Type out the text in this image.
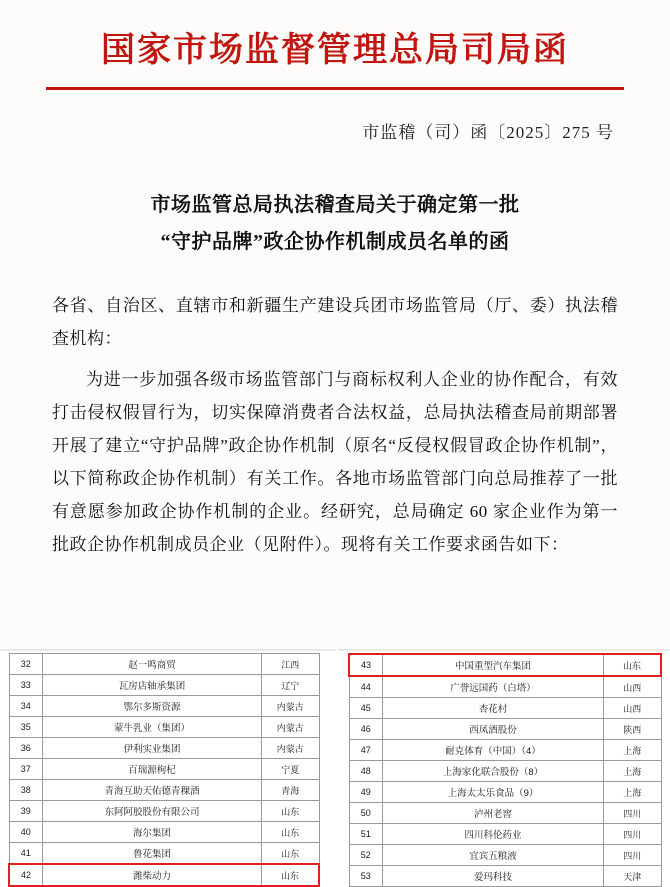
国家市场监督管理总局司局函
市监稽（司）函〔2025〕275 号
市场监管总局执法稽查局关于确定第一批
“守护品牌”政企协作机制成员名单的函
各省、自治区、直辖市和新疆生产建设兵团市场监管局（厅、委）执法稽查机构：
为进一步加强各级市场监管部门与商标权利人企业的协作配合，有效打击侵权假冒行为，切实保障消费者合法权益，总局执法稽查局前期部署开展了建立“守护品牌”政企协作机制（原名“反侵权假冒政企协作机制”，以下简称政企协作机制）有关工作。各地市场监管部门向总局推荐了一批有意愿参加政企协作机制的企业。经研究，总局确定 60 家企业作为第一批政企协作机制成员企业（见附件）。现将有关工作要求函告如下：
32	赵一鸣商贸	江西
33	瓦房店轴承集团	辽宁
34	鄂尔多斯资源	内蒙古
35	蒙牛乳业（集团）	内蒙古
36	伊利实业集团	内蒙古
37	百瑞源枸杞	宁夏
38	青海互助天佑德青稞酒	青海
39	东阿阿胶股份有限公司	山东
40	海尔集团	山东
41	鲁花集团	山东
42	潍柴动力	山东
43	中国重型汽车集团	山东
44	广誉远国药（白塔）	山西
45	杏花村	山西
46	西凤酒股份	陕西
47	耐克体育（中国）（4）	上海
48	上海家化联合股份（8）	上海
49	上海太太乐食品（9）	上海
50	泸州老窖	四川
51	四川科伦药业	四川
52	宜宾五粮液	四川
53	爱玛科技	天津
